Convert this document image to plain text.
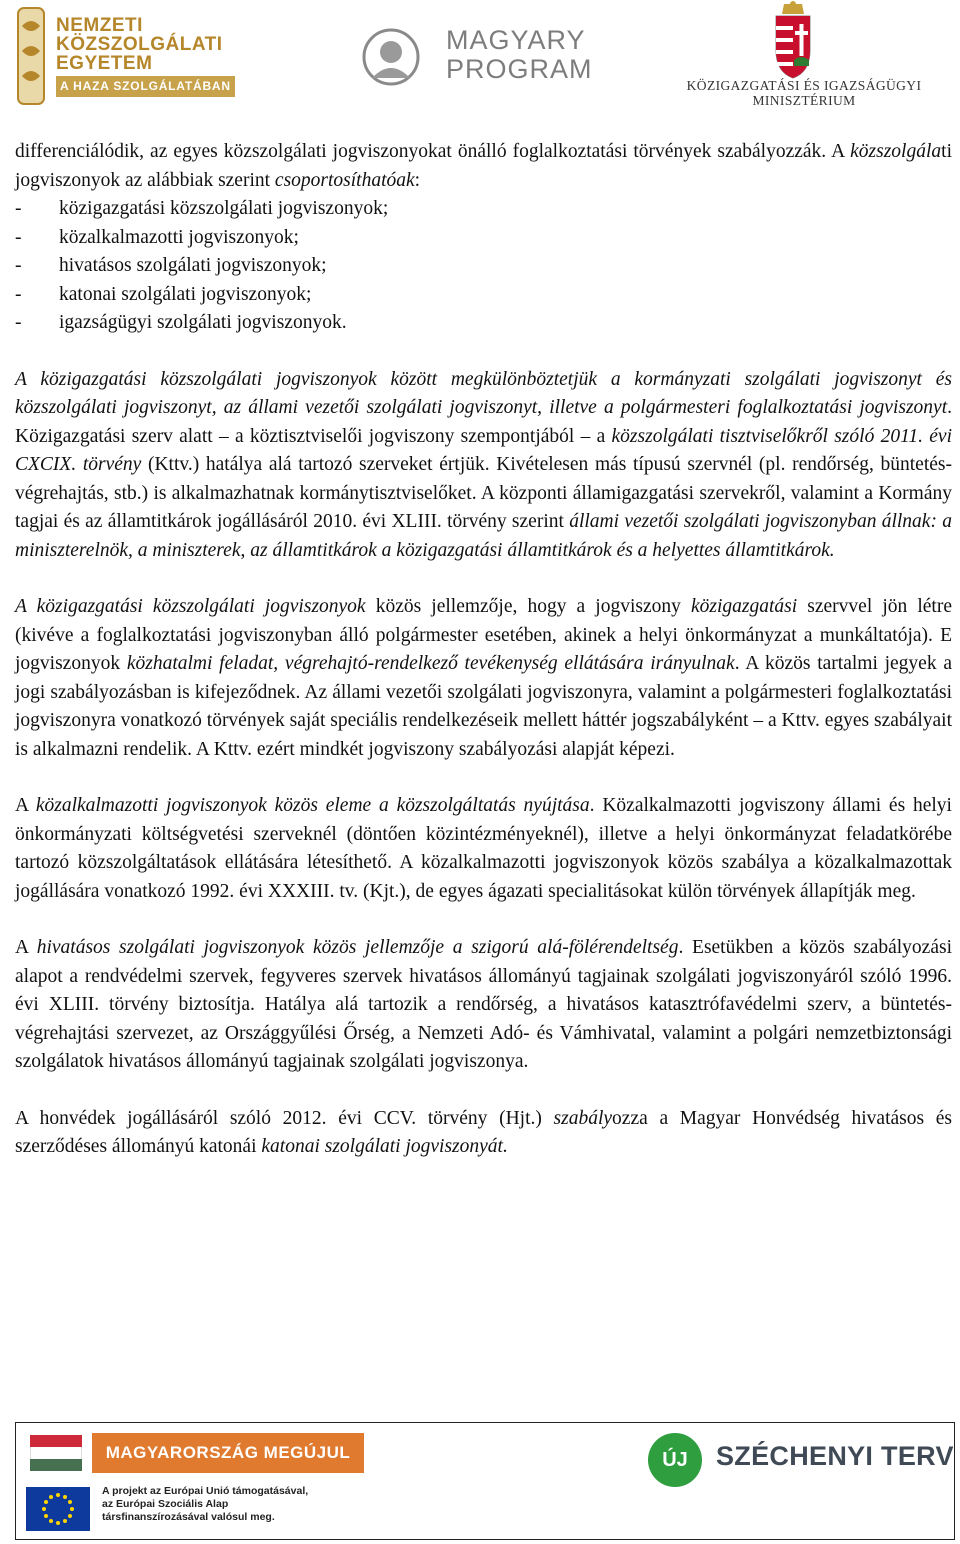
NEMZETI
KÖZSZOLGÁLATI
EGYETEM
A HAZA SZOLGÁLATÁBAN
MAGYARY
PROGRAM
KÖZIGAZGATÁSI ÉS IGAZSÁGÜGYI
MINISZTÉRIUM

differenciálódik, az egyes közszolgálati jogviszonyokat önálló foglalkoztatási törvények szabályozzák. A közszolgálati jogviszonyok az alábbiak szerint csoportosíthatóak:

-	közigazgatási közszolgálati jogviszonyok;
-	közalkalmazotti jogviszonyok;
-	hivatásos szolgálati jogviszonyok;
-	katonai szolgálati jogviszonyok;
-	igazságügyi szolgálati jogviszonyok.

A közigazgatási közszolgálati jogviszonyok között megkülönböztetjük a kormányzati szolgálati jogviszonyt és közszolgálati jogviszonyt, az állami vezetői szolgálati jogviszonyt, illetve a polgármesteri foglalkoztatási jogviszonyt. Közigazgatási szerv alatt – a köztisztviselői jogviszony szempontjából – a közszolgálati tisztviselőkről szóló 2011. évi CXCIX. törvény (Kttv.) hatálya alá tartozó szerveket értjük. Kivételesen más típusú szervnél (pl. rendőrség, büntetés-végrehajtás, stb.) is alkalmazhatnak kormánytisztviselőket. A központi államigazgatási szervekről, valamint a Kormány tagjai és az államtitkárok jogállásáról 2010. évi XLIII. törvény szerint állami vezetői szolgálati jogviszonyban állnak: a miniszterelnök, a miniszterek, az államtitkárok a közigazgatási államtitkárok és a helyettes államtitkárok.

A közigazgatási közszolgálati jogviszonyok közös jellemzője, hogy a jogviszony közigazgatási szervvel jön létre (kivéve a foglalkoztatási jogviszonyban álló polgármester esetében, akinek a helyi önkormányzat a munkáltatója). E jogviszonyok közhatalmi feladat, végrehajtó-rendelkező tevékenység ellátására irányulnak. A közös tartalmi jegyek a jogi szabályozásban is kifejeződnek. Az állami vezetői szolgálati jogviszonyra, valamint a polgármesteri foglalkoztatási jogviszonyra vonatkozó törvények saját speciális rendelkezéseik mellett háttér jogszabályként – a Kttv. egyes szabályait is alkalmazni rendelik. A Kttv. ezért mindkét jogviszony szabályozási alapját képezi.

A közalkalmazotti jogviszonyok közös eleme a közszolgáltatás nyújtása. Közalkalmazotti jogviszony állami és helyi önkormányzati költségvetési szerveknél (döntően közintézményeknél), illetve a helyi önkormányzat feladatkörébe tartozó közszolgáltatások ellátására létesíthető. A közalkalmazotti jogviszonyok közös szabálya a közalkalmazottak jogállására vonatkozó 1992. évi XXXIII. tv. (Kjt.), de egyes ágazati specialitásokat külön törvények állapítják meg.

A hivatásos szolgálati jogviszonyok közös jellemzője a szigorú alá-fölérendeltség. Esetükben a közös szabályozási alapot a rendvédelmi szervek, fegyveres szervek hivatásos állományú tagjainak szolgálati jogviszonyáról szóló 1996. évi XLIII. törvény biztosítja. Hatálya alá tartozik a rendőrség, a hivatásos katasztrófavédelmi szerv, a büntetés-végrehajtási szervezet, az Országgyűlési Őrség, a Nemzeti Adó- és Vámhivatal, valamint a polgári nemzetbiztonsági szolgálatok hivatásos állományú tagjainak szolgálati jogviszonya.

A honvédek jogállásáról szóló 2012. évi CCV. törvény (Hjt.) szabályozza a Magyar Honvédség hivatásos és szerződéses állományú katonái katonai szolgálati jogviszonyát.

MAGYARORSZÁG MEGÚJUL
A projekt az Európai Unió támogatásával,
az Európai Szociális Alap
társfinanszírozásával valósul meg.
ÚJ	SZÉCHENYI TERV
